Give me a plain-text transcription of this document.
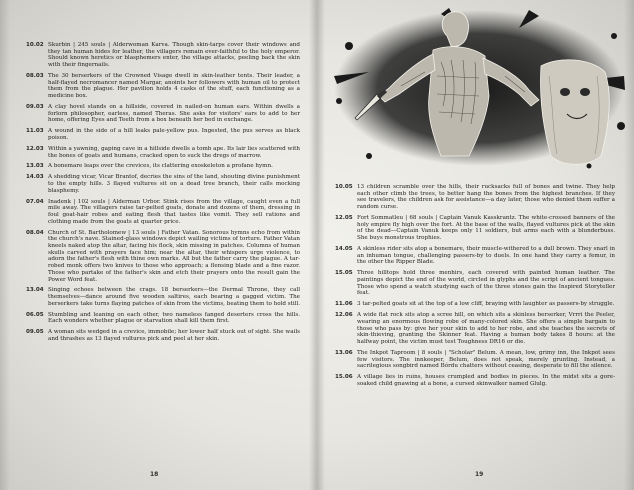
10.02 Skurbin | 245 souls | Alderwoman Karva. Though skin-tarps cover their windows and they tan human hides for leather, the villagers remain ever-faithful to the holy emperor. Should known heretics or blasphemers enter, the village attacks, peeling back the skin with their fingernails.
08.03 The 30 berserkers of the Crowned Visage dwell in skin-leather tents. Their leader, a half-flayed necromancer named Margar, anoints her followers with human oil to protect them from the plague. Her pavilion holds 4 casks of the stuff, each functioning as a medicine box.
09.03 A clay hovel stands on a hillside, covered in nailed-on human ears. Within dwells a forlorn philosopher, earless, named Theras. She asks for visitors' ears to add to her home, offering Eyes and Teeth from a box beneath her bed in exchange.
11.03 A wound in the side of a hill leaks pale-yellow pus. Ingested, the pus serves as black poison.
12.03 Within a yawning, gaping cave in a hillside dwells a tomb ape. Its lair lies scattered with the bones of goats and humans, cracked open to suck the dregs of marrow.
13.03 A bonemare leaps over the crevices, its clattering exoskeleton a profane hymn.
14.03 A shedding vicar, Vicar Brantof, decries the sins of the land, shouting divine punishment to the empty hills. 3 flayed vultures sit on a dead tree branch, their calls mocking blasphemy.
07.04 Inadenk | 102 souls | Alderman Urbor. Stink rises from the village, caught even a full mile away. The villagers raise tar-pelted goats, donate and dozens of them, dressing in foul goat-hair robes and eating flesh that tastes like vomit. They sell rations and clothing made from the goats at quarter price.
08.04 Church of St. Bartholomew | 13 souls | Father Vatan. Sonorous hymns echo from within the church's nave. Stained-glass windows depict wailing victims of torture. Father Vatan kneels naked atop the altar, facing his flock, skin missing in patches. Columns of human skulls carved with prayers face him; near the altar, their whispers urge violence, to adorn the father's flesh with thine own marks. All but the father carry the plague. A tar-robed monk offers two knives to those who approach; a flensing blade and a fine razor. Those who partake of the father's skin and etch their prayers onto the result gain the Power Word feat.
13.04 Singing echoes between the crags. 18 berserkers—the Dermal Throne, they call themselves—dance around five wooden saltires, each bearing a gagged victim. The berserkers take turns flaying patches of skin from the victims, beating them to hold still.
06.05 Stumbling and leaning on each other, two nameless fanged deserters cross the hills. Each wonders whether plague or starvation shall kill them first.
09.05 A woman sits wedged in a crevice, immobile; her lower half stuck out of sight. She wails and thrashes as 13 flayed vultures pick and peel at her skin.
18
10.05 13 children scramble over the hills, their rucksacks full of bones and twine. They help each other climb the trees, to better hang the bones from the highest branches. If they see travelers, the children ask for assistance—a day later, those who denied them suffer a random curse.
12.05 Fort Sommatleu | 68 souls | Captain Vanuk Kasskrantz. The white-crossed banners of the holy empire fly high over the fort. At the base of the walls, flayed vultures pick at the skin of the dead—Captain Vanuk keeps only 11 soldiers, but arms each with a blunderbuss. She buys monstrous trophies.
14.05 A skinless rider sits atop a bonemare, their muscle-withered to a dull brown. They snarl in an inhuman tongue, challenging passers-by to duels. In one hand they carry a femur, in the other the Ripper Blade.
15.05 Three hilltops hold three menhirs, each covered with painted human leather. The paintings depict the end of the world, circled in glyphs and the script of ancient tongues. Those who spend a watch studying each of the three stones gain the Inspired Storyteller feat.
11.06 3 tar-pelted goats sit at the top of a low cliff, braying with laughter as passers-by struggle.
12.06 A wide flat rock sits atop a scree hill, on which sits a skinless berserker, Vrrri the Peeler, wearing an enormous flowing robe of many-colored skin. She offers a simple bargain to those who pass by: give her your skin to add to her robe, and she teaches the secrets of skin-thieving, granting the Skinner feat. Having a human body takes 8 hours: at the halfway point, the victim must test Toughness DR16 or die.
13.06 The Inkpot Taproom | 8 souls | "Scholar" Belum. A mean, low, grimy inn, the Inkpot sees few visitors. The innkeeper, Belum, does not speak, merely grunting. Instead, a sacrilegious songbird named Bórdu chatters without ceasing, desperate to fill the silence.
15.06 A village lies in ruins, houses crumpled and bodies in pieces. In the midst sits a gore-soaked child gnawing at a bone, a cursed skinwalker named Glulg.
19
